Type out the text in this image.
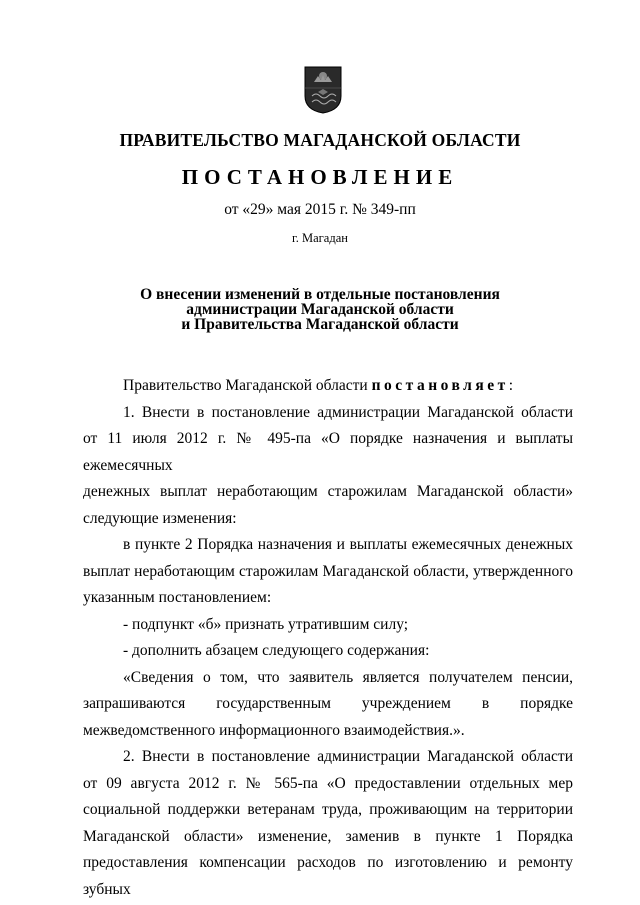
ПРАВИТЕЛЬСТВО МАГАДАНСКОЙ ОБЛАСТИ
ПОСТАНОВЛЕНИЕ
от «29» мая 2015 г. № 349-пп
г. Магадан
О внесении изменений в отдельные постановления
администрации Магаданской области
и Правительства Магаданской области

Правительство Магаданской области постановляет:

1. Внести в постановление администрации Магаданской области
от 11 июля 2012 г. № 495-па «О порядке назначения и выплаты ежемесячных
денежных выплат неработающим старожилам Магаданской области»
следующие изменения:

в пункте 2 Порядка назначения и выплаты ежемесячных денежных
выплат неработающим старожилам Магаданской области, утвержденного
указанным постановлением:

- подпункт «б» признать утратившим силу;

- дополнить абзацем следующего содержания:

«Сведения о том, что заявитель является получателем пенсии,
запрашиваются государственным учреждением в порядке
межведомственного информационного взаимодействия.».

2. Внести в постановление администрации Магаданской области
от 09 августа 2012 г. № 565-па «О предоставлении отдельных мер
социальной поддержки ветеранам труда, проживающим на территории
Магаданской области» изменение, заменив в пункте 1 Порядка
предоставления компенсации расходов по изготовлению и ремонту зубных
